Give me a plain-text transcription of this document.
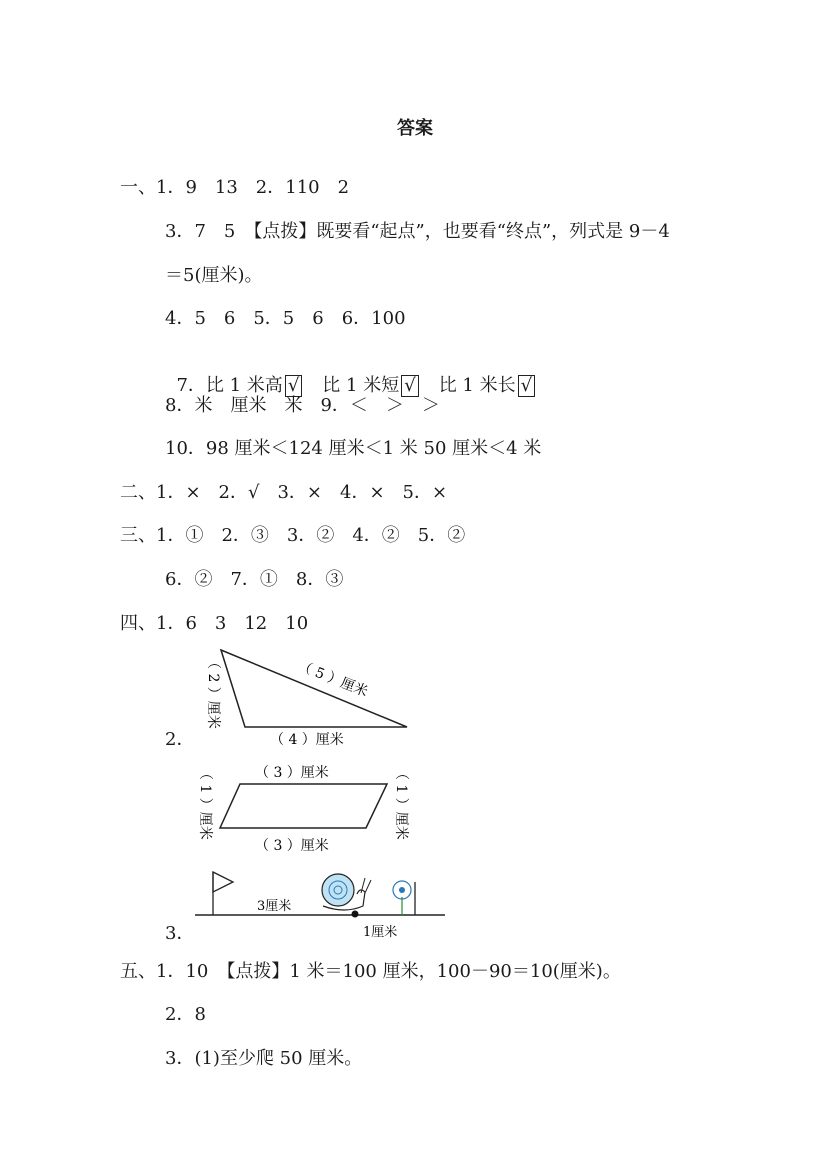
答案
一、1．9　13　2．110　2
3．7　5　【点拨】既要看“起点”，也要看“终点”，列式是 9－4
＝5(厘米)。
4．5　6　5．5　6　6．100

7．比 1 米高 √　 比 1 米短 √　 比 1 米长 √

8．米　厘米　米　9．＜　＞　＞
10．98 厘米＜124 厘米＜1 米 50 厘米＜4 米
二、1．×　2．√　3．×　4．×　5．×
三、1．①　2．③　3．②　4．②　5．②
6．②　7．①　8．③
四、1．6　3　12　10
（ 2 ）厘米	（ 5 ）厘米
（ 4 ）厘米
2．
（ 3 ）厘米
（ 3 ）厘米
（ 1 ）厘米	（ 1 ）厘米
3厘米
1厘米
3．
五、1．10　【点拨】1 米＝100 厘米，100－90＝10(厘米)。
2．8
3．(1)至少爬 50 厘米。
